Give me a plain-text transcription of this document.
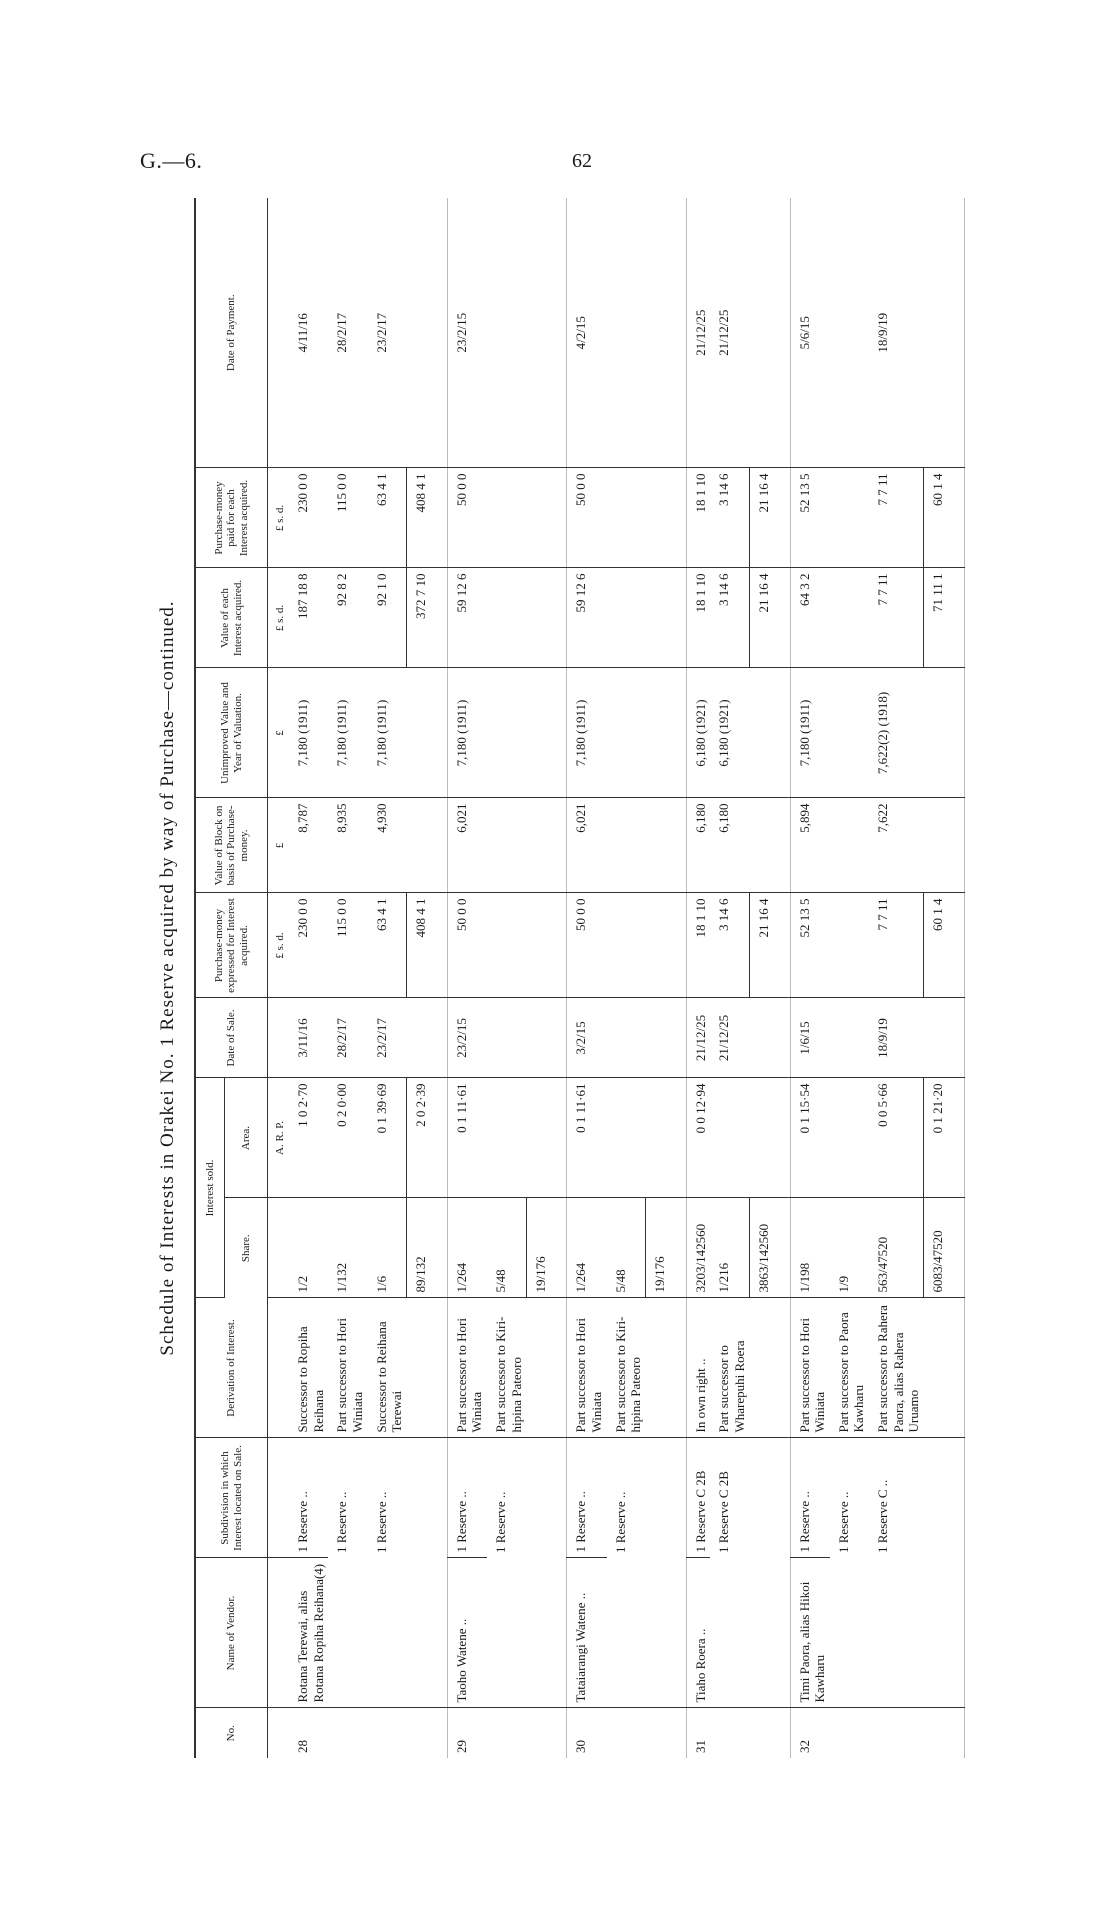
G.—6.	62
Schedule of Interests in Orakei No. 1 Reserve acquired by way of Purchase—continued.
No.	Name of Vendor.	Subdivision in which Interest located on Sale.	Derivation of Interest.	Interest sold.		Date of Sale.	Purchase-money expressed for Interest acquired.	Value of Block on basis of Purchase-money.	Unimproved Value and Year of Valuation.	Value of each Interest acquired.	Purchase-money paid for each Interest acquired.	Date of Payment.
				Share.	Area.							
					A. R. P.		£ s. d.	£	£	£ s. d.	£ s. d.	
28	Rotana Terewai, alias Rotana Ropiha Reihana(4)	1 Reserve ..	Successor to Ropiha Reihana	1/2	1 0 2·70	3/11/16	230 0 0	8,787	7,180 (1911)	187 18 8	230 0 0	4/11/16
		1 Reserve ..	Part successor to Hori Winiata	1/132	0 2 0·00	28/2/17	115 0 0	8,935	7,180 (1911)	92 8 2	115 0 0	28/2/17
		1 Reserve ..	Successor to Reihana Terewai	1/6	0 1 39·69	23/2/17	63 4 1	4,930	7,180 (1911)	92 1 0	63 4 1	23/2/17
				89/132	2 0 2·39		408 4 1			372 7 10	408 4 1	
29	Taoho Watene ..	1 Reserve ..	Part successor to Hori Winiata	1/264	0 1 11·61	23/2/15	50 0 0	6,021	7,180 (1911)	59 12 6	50 0 0	23/2/15
		1 Reserve ..	Part successor to Kiri-hipina Pateoro	5/48								
				19/176								
30	Tataiarangi Watene ..	1 Reserve ..	Part successor to Hori Winiata	1/264	0 1 11·61	3/2/15	50 0 0	6,021	7,180 (1911)	59 12 6	50 0 0	4/2/15
		1 Reserve ..	Part successor to Kiri-hipina Pateoro	5/48								
				19/176								
31	Tiaho Roera ..	1 Reserve C 2B	In own right ..	3203/142560	0 0 12·94	21/12/25	18 1 10	6,180	6,180 (1921)	18 1 10	18 1 10	21/12/25
		1 Reserve C 2B	Part successor to Wharepuhi Roera	1/216		21/12/25	3 14 6	6,180	6,180 (1921)	3 14 6	3 14 6	21/12/25
				3863/142560			21 16 4			21 16 4	21 16 4	
32	Timi Paora, alias Hikoi Kawharu	1 Reserve ..	Part successor to Hori Winiata	1/198	0 1 15·54	1/6/15	52 13 5	5,894	7,180 (1911)	64 3 2	52 13 5	5/6/15
		1 Reserve ..	Part successor to Paora Kawharu	1/9								
		1 Reserve C ..	Part successor to Rahera Paora, alias Rahera Uruamo	563/47520	0 0 5·66	18/9/19	7 7 11	7,622	7,622(2) (1918)	7 7 11	7 7 11	18/9/19
				6083/47520	0 1 21·20		60 1 4			71 11 1	60 1 4	
